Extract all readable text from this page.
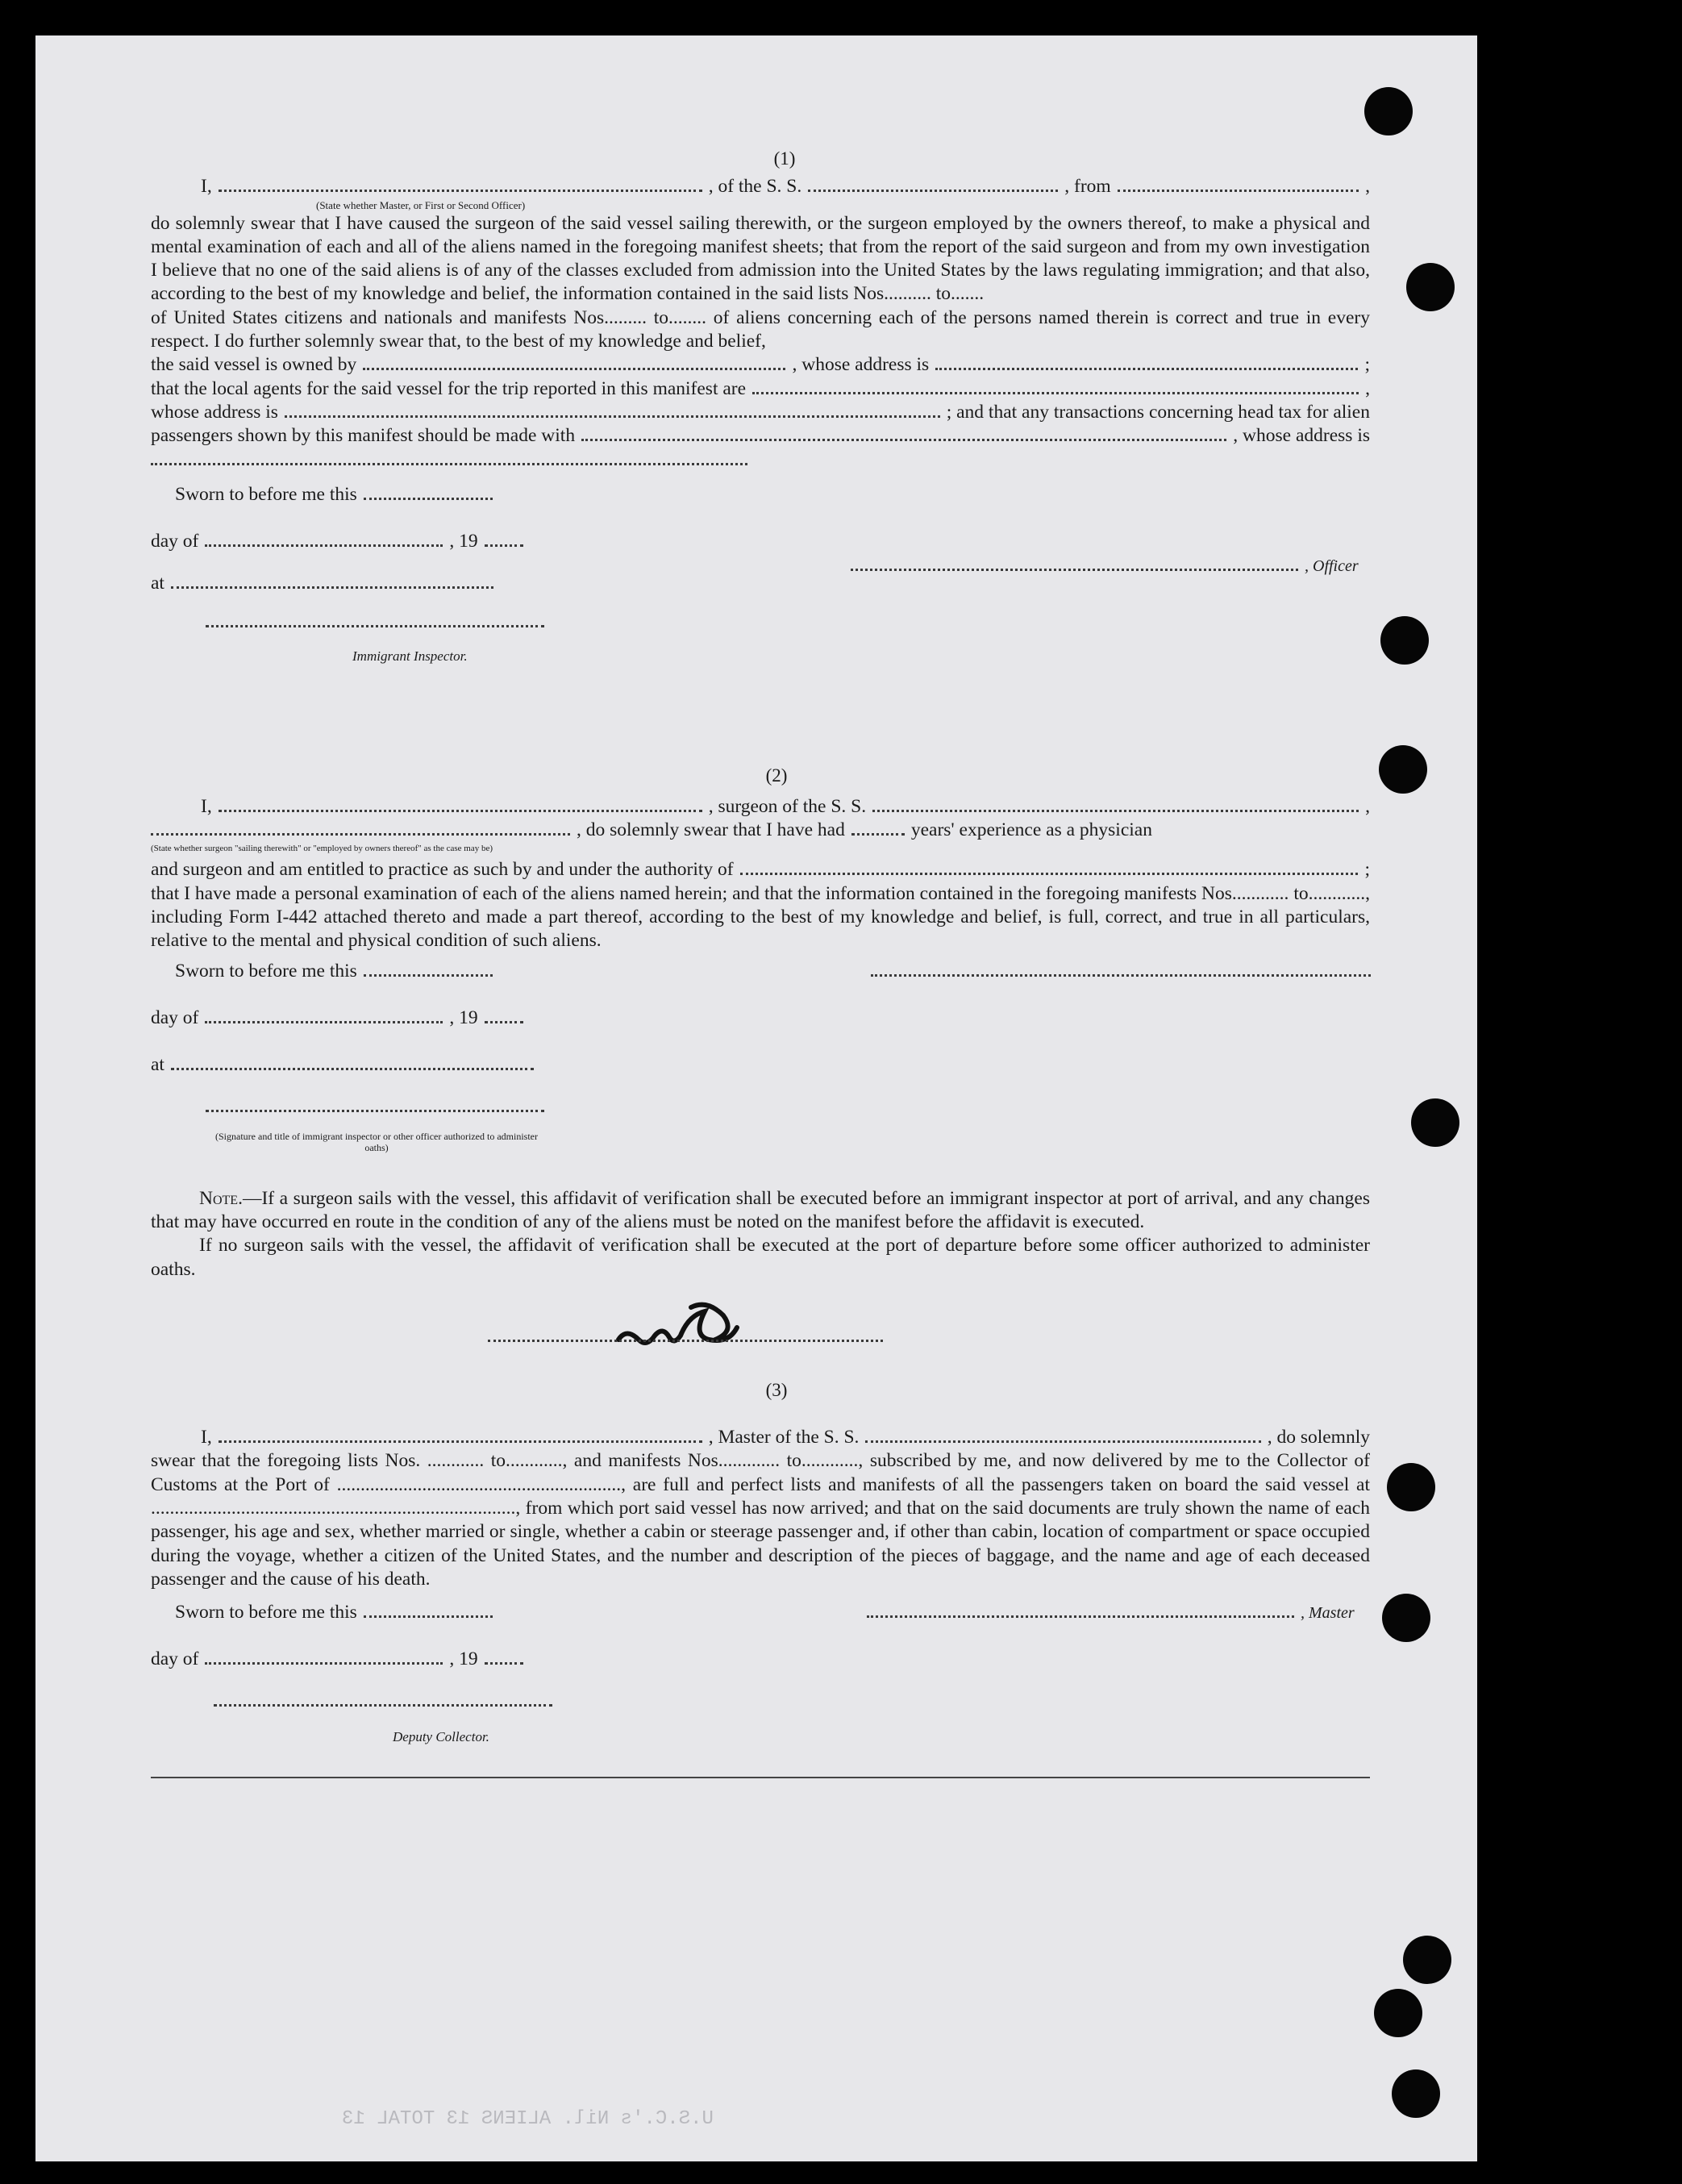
U.S.C.'s Nil. ALIENS 13 TOTAL 13

(1)

I,	, of the S. S.	, from	,

(State whether Master, or First or Second Officer)

do solemnly swear that I have caused the surgeon of the said vessel sailing therewith, or the surgeon employed by the owners thereof, to make a physical and mental examination of each and all of the aliens named in the foregoing manifest sheets; that from the report of the said surgeon and from my own investigation I believe that no one of the said aliens is of any of the classes excluded from admission into the United States by the laws regulating immigration; and that also, according to the best of my knowledge and belief, the information contained in the said lists Nos.......... to.......

of United States citizens and nationals and manifests Nos......... to........ of aliens concerning each of the persons named therein is correct and true in every respect. I do further solemnly swear that, to the best of my knowledge and belief,

the said vessel is owned by	, whose address is	;
that the local agents for the said vessel for the trip reported in this manifest are	,
whose address is	; and that any transactions concerning head tax for alien
passengers shown by this manifest should be made with	, whose address is
Sworn to before me this
day of	, 19
, Officer
at
Immigrant Inspector.

(2)

I,	, surgeon of the S. S.	,
, do solemnly swear that I have had	years' experience as a physician

(State whether surgeon "sailing therewith" or "employed by owners thereof" as the case may be)

and surgeon and am entitled to practice as such by and under the authority of	;

that I have made a personal examination of each of the aliens named herein; and that the information contained in the foregoing manifests Nos............ to............, including Form I-442 attached thereto and made a part thereof, according to the best of my knowledge and belief, is full, correct, and true in all particulars, relative to the mental and physical condition of such aliens.

Sworn to before me this
day of	, 19
at
(Signature and title of immigrant inspector or other officer authorized to administer oaths)

Note.—If a surgeon sails with the vessel, this affidavit of verification shall be executed before an immigrant inspector at port of arrival, and any changes that may have occurred en route in the condition of any of the aliens must be noted on the manifest before the affidavit is executed.

If no surgeon sails with the vessel, the affidavit of verification shall be executed at the port of departure before some officer authorized to administer oaths.

(3)

I,	, Master of the S. S.	, do solemnly

swear that the foregoing lists Nos. ............ to............, and manifests Nos............. to............, subscribed by me, and now delivered by me to the Collector of Customs at the Port of ............................................................, are full and perfect lists and manifests of all the passengers taken on board the said vessel at ............................................................................., from which port said vessel has now arrived; and that on the said documents are truly shown the name of each passenger, his age and sex, whether married or single, whether a cabin or steerage passenger and, if other than cabin, location of compartment or space occupied during the voyage, whether a citizen of the United States, and the number and description of the pieces of baggage, and the name and age of each deceased passenger and the cause of his death.

Sworn to before me this	, Master
day of	, 19
Deputy Collector.
